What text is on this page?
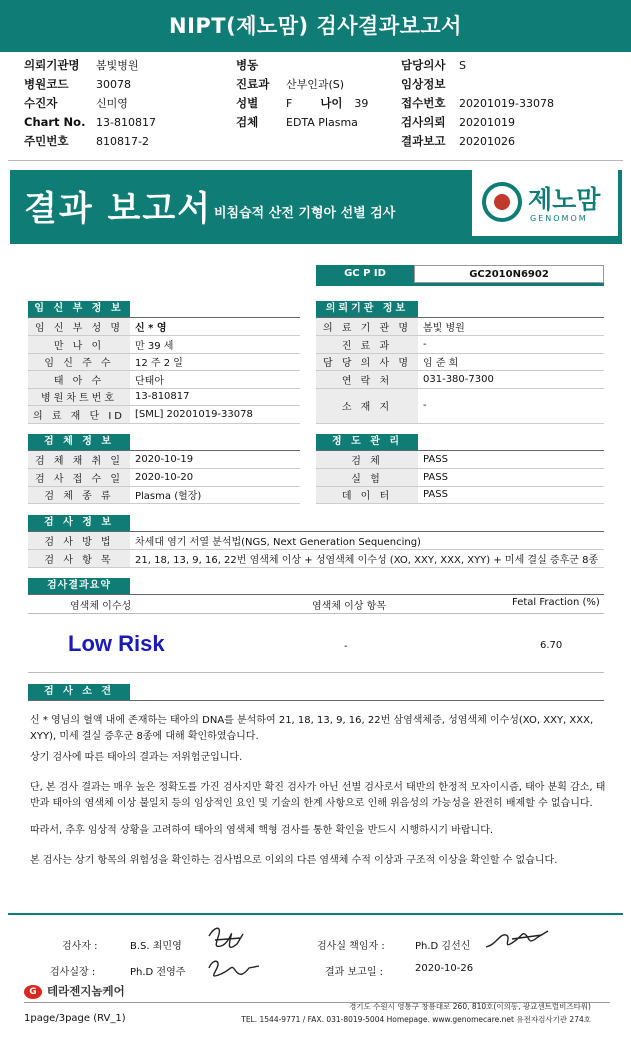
NIPT(제노맘) 검사결과보고서
의뢰기관명 봄빛병원
병원코드	30078
수진자	신미영
Chart No. 13-810817
주민번호	810817-2
병동
진료과 산부인과(S)
성별	F 나이 39
검체	EDTA Plasma
담당의사 S
임상정보
접수번호 20201019-33078
검사의뢰 20201019
결과보고 20201026
결과 보고서 비침습적 산전 기형아 선별 검사	제노맘
GENOMOM
GC P ID	GC2010N6902
임 신 부 정 보	의뢰기관 정보
임 신 부 성 명	신 * 영
만 나 이	만 39 세
임 신 주 수	12 주 2 일
태 아 수	단태아
병원차트번호	13-810817
의 료 재 단 ID	[SML] 20201019-33078
의 료 기 관 명	봄빛 병원
진 료 과	-
담 당 의 사 명	임 준 희
연 락 처	031-380-7300
소 재 지	-
검 체 정 보	정 도 관 리
검 체 채 취 일	2020-10-19
검 사 접 수 일	2020-10-20
검 체 종 류	Plasma (혈장)
검 체	PASS
실 험	PASS
데 이 터	PASS
검 사 정 보
검 사 방 법	차세대 염기 서열 분석법(NGS, Next Generation Sequencing)
검 사 항 목	21, 18, 13, 9, 16, 22번 염색체 이상 + 성염색체 이수성 (XO, XXY, XXX, XYY) + 미세 결실 증후군 8종
검사결과요약
염색체 이수성	염색체 이상 항목	Fetal Fraction (%)
Low Risk	-	6.70
검 사 소 견
신 * 영님의 혈액 내에 존재하는 태아의 DNA를 분석하여 21, 18, 13, 9, 16, 22번 삼염색체증, 성염색체 이수성(XO, XXY, XXX, XYY), 미세 결실 증후군 8종에 대해 확인하였습니다.
상기 검사에 따른 태아의 결과는 저위험군입니다.
단, 본 검사 결과는 매우 높은 정확도를 가진 검사지만 확진 검사가 아닌 선별 검사로서 태반의 한정적 모자이시즘, 태아 분획 감소, 태반과 태아의 염색체 이상 불일치 등의 임상적인 요인 및 기술의 한계 사항으로 인해 위음성의 가능성을 완전히 배제할 수 없습니다.
따라서, 추후 임상적 상황을 고려하여 태아의 염색체 핵형 검사를 통한 확인을 반드시 시행하시기 바랍니다.
본 검사는 상기 항목의 위험성을 확인하는 검사법으로 이외의 다른 염색체 수적 이상과 구조적 이상을 확인할 수 없습니다.
검사자 :	B.S. 최민영	검사실 책임자 :	Ph.D 김선신
검사실장 :	Ph.D 전영주	결과 보고일 :	2020-10-26
G 테라젠지놈케어
경기도 수원시 영통구 창룡대로 260, 810호(이의동, 광교센트럴비즈타워)
TEL. 1544-9771 / FAX. 031-8019-5004 Homepage. www.genomecare.net 유전자검사기관 274호
1page/3page (RV_1)
